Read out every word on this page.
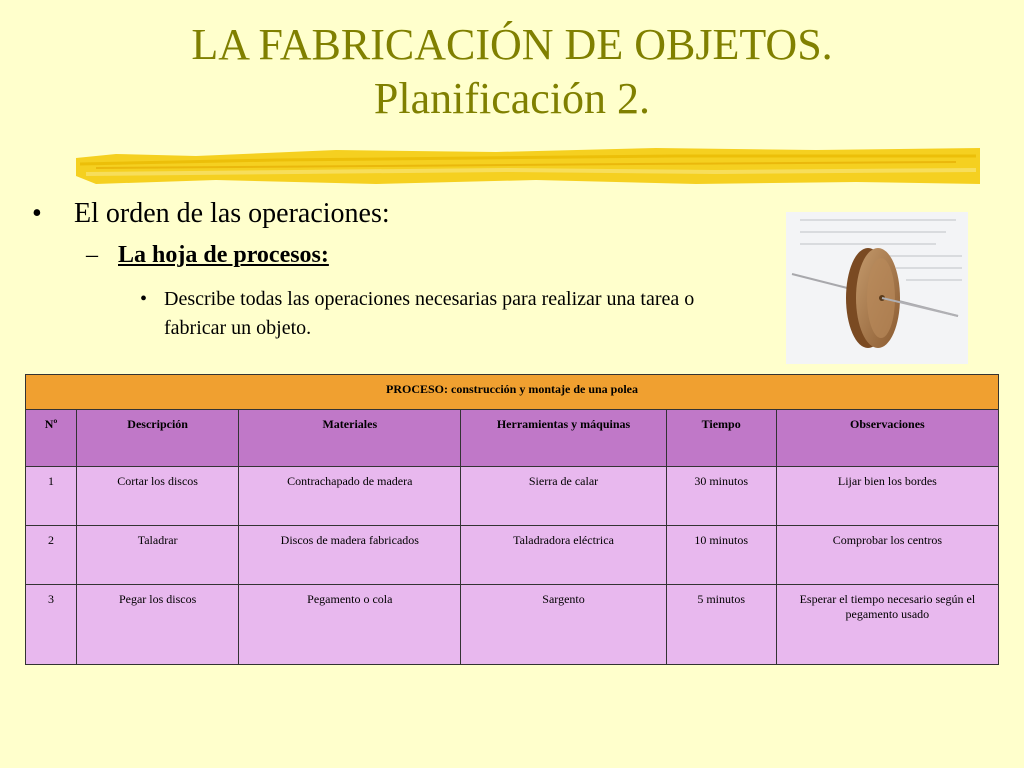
LA FABRICACIÓN DE OBJETOS.
Planificación 2.
• El orden de las operaciones:
– La hoja de procesos:
• Describe todas las operaciones necesarias para realizar una tarea o fabricar un objeto.
PROCESO: construcción y montaje de una polea					
Nº	Descripción	Materiales	Herramientas y máquinas	Tiempo	Observaciones
1	Cortar los discos	Contrachapado de madera	Sierra de calar	30 minutos	Lijar bien los bordes
2	Taladrar	Discos de madera fabricados	Taladradora eléctrica	10 minutos	Comprobar los centros
3	Pegar los discos	Pegamento o cola	Sargento	5 minutos	Esperar el tiempo necesario según el pegamento usado
